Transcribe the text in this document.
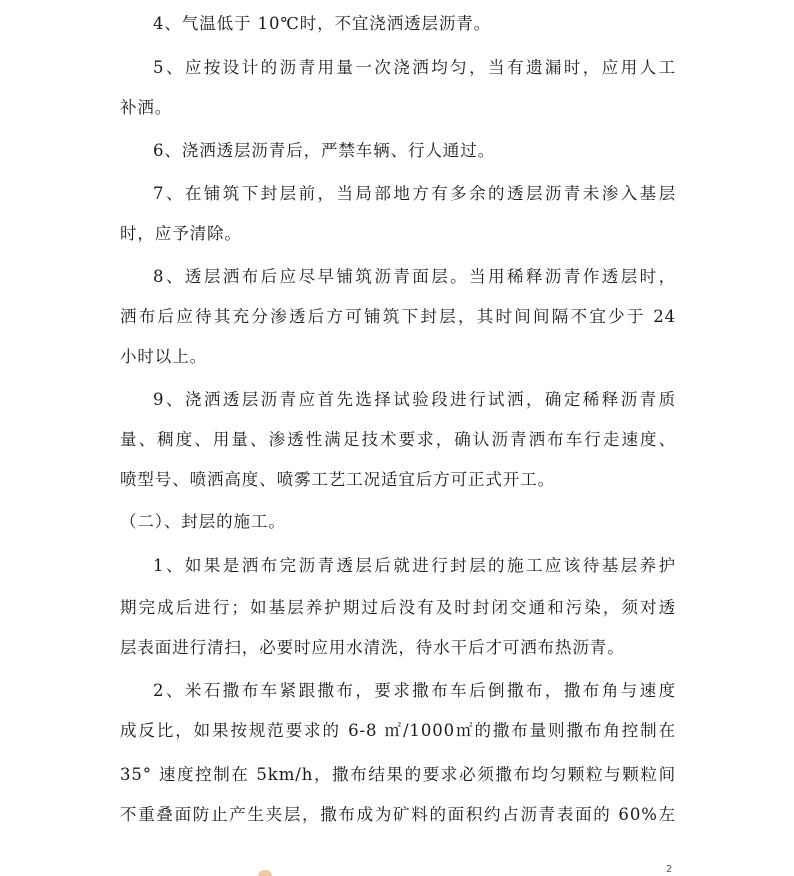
4、气温低于 10℃时，不宜浇洒透层沥青。
5、应按设计的沥青用量一次浇洒均匀，当有遗漏时，应用人工
补洒。
6、浇洒透层沥青后，严禁车辆、行人通过。
7、在铺筑下封层前，当局部地方有多余的透层沥青未渗入基层
时，应予清除。
8、透层洒布后应尽早铺筑沥青面层。当用稀释沥青作透层时，
洒布后应待其充分渗透后方可铺筑下封层，其时间间隔不宜少于 24
小时以上。
9、浇洒透层沥青应首先选择试验段进行试洒，确定稀释沥青质
量、稠度、用量、渗透性满足技术要求，确认沥青洒布车行走速度、
喷型号、喷洒高度、喷雾工艺工况适宜后方可正式开工。
（二）、封层的施工。
1、如果是洒布完沥青透层后就进行封层的施工应该待基层养护
期完成后进行；如基层养护期过后没有及时封闭交通和污染，须对透
层表面进行清扫，必要时应用水清洗，待水干后才可洒布热沥青。
2、米石撒布车紧跟撒布，要求撒布车后倒撒布，撒布角与速度
成反比，如果按规范要求的 6-8 ㎡/1000㎡的撒布量则撒布角控制在
35° 速度控制在 5km/h，撒布结果的要求必须撒布均匀颗粒与颗粒间
不重叠面防止产生夹层，撒布成为矿料的面积约占沥青表面的 60%左
2
